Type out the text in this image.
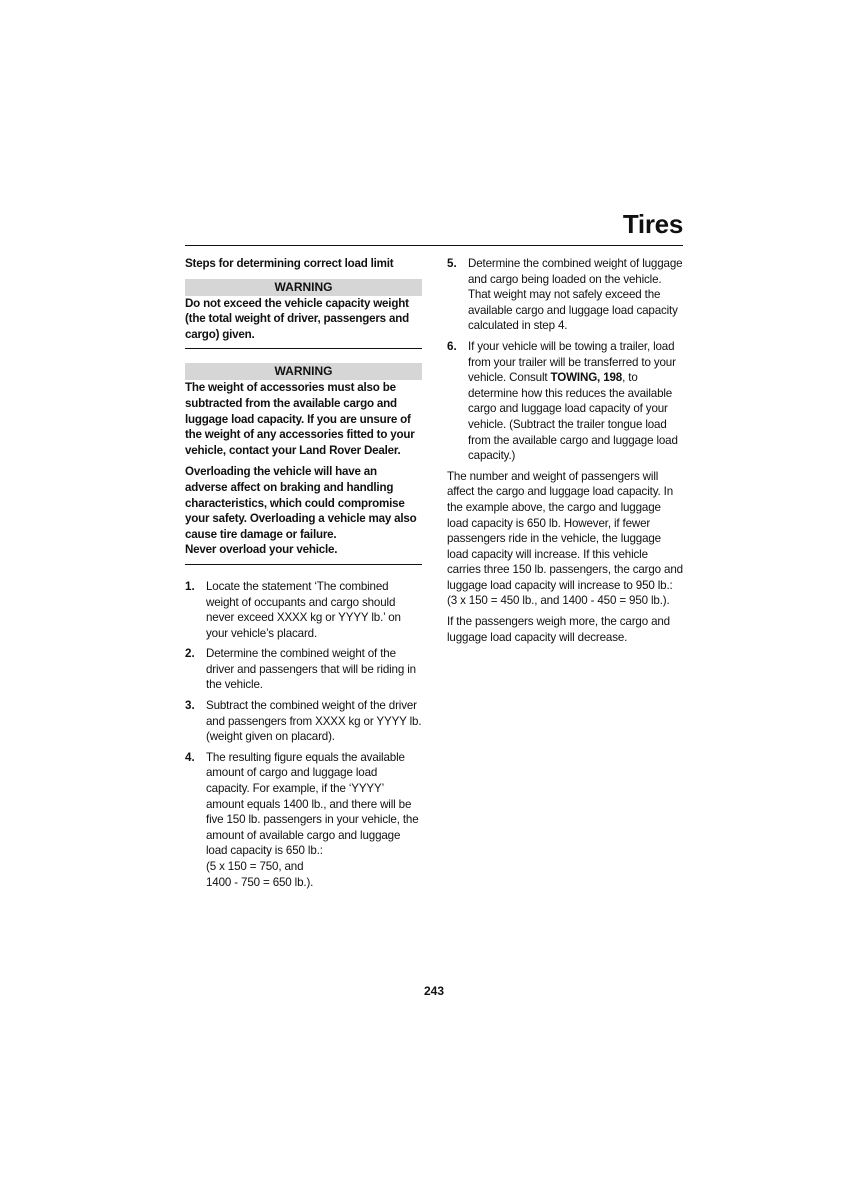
Tires

Steps for determining correct load limit

WARNING

Do not exceed the vehicle capacity weight (the total weight of driver, passengers and cargo) given.

WARNING

The weight of accessories must also be subtracted from the available cargo and luggage load capacity. If you are unsure of the weight of any accessories fitted to your vehicle, contact your Land Rover Dealer.

Overloading the vehicle will have an adverse affect on braking and handling characteristics, which could compromise your safety. Overloading a vehicle may also cause tire damage or failure.

Never overload your vehicle.

1. Locate the statement ‘The combined weight of occupants and cargo should never exceed XXXX kg or YYYY lb.’ on your vehicle’s placard.
2. Determine the combined weight of the driver and passengers that will be riding in the vehicle.
3. Subtract the combined weight of the driver and passengers from XXXX kg or YYYY lb. (weight given on placard).
4. The resulting figure equals the available amount of cargo and luggage load capacity. For example, if the ‘YYYY’ amount equals 1400 lb., and there will be five 150 lb. passengers in your vehicle, the amount of available cargo and luggage load capacity is 650 lb.:
(5 x 150 = 750, and
1400 - 750 = 650 lb.).
5. Determine the combined weight of luggage and cargo being loaded on the vehicle. That weight may not safely exceed the available cargo and luggage load capacity calculated in step 4.
6. If your vehicle will be towing a trailer, load from your trailer will be transferred to your vehicle. Consult TOWING, 198, to determine how this reduces the available cargo and luggage load capacity of your vehicle. (Subtract the trailer tongue load from the available cargo and luggage load capacity.)

The number and weight of passengers will affect the cargo and luggage load capacity. In the example above, the cargo and luggage load capacity is 650 lb. However, if fewer passengers ride in the vehicle, the luggage load capacity will increase. If this vehicle carries three 150 lb. passengers, the cargo and luggage load capacity will increase to 950 lb.: (3 x 150 = 450 lb., and 1400 - 450 = 950 lb.).

If the passengers weigh more, the cargo and luggage load capacity will decrease.

243
